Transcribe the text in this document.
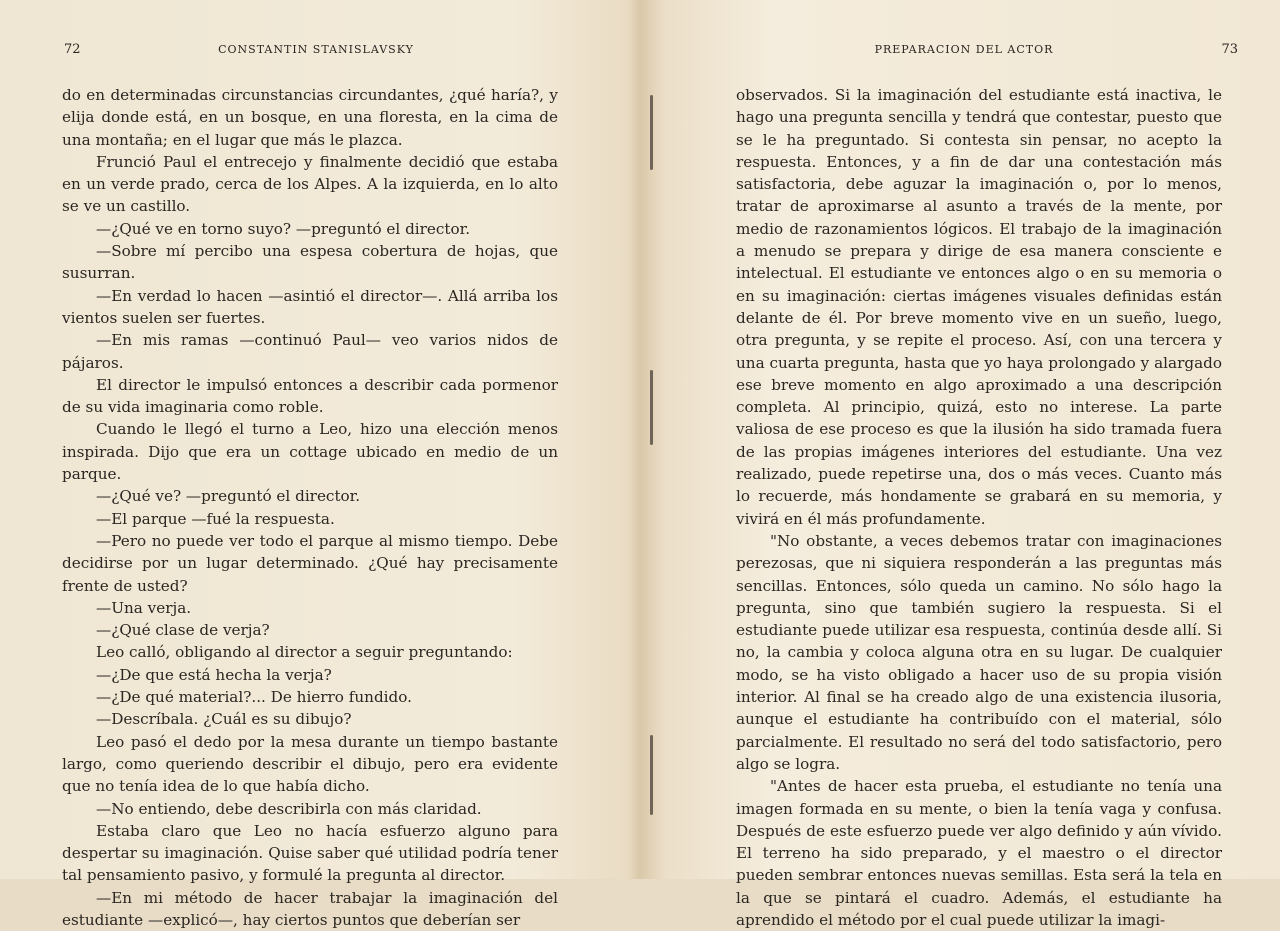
72	CONSTANTIN STANISLAVSKY

do en determinadas circunstancias circundantes, ¿qué haría?, y elija donde está, en un bosque, en una floresta, en la cima de una montaña; en el lugar que más le plazca.

Frunció Paul el entrecejo y finalmente decidió que estaba en un verde prado, cerca de los Alpes. A la izquierda, en lo alto se ve un castillo.

—¿Qué ve en torno suyo? —preguntó el director.

—Sobre mí percibo una espesa cobertura de hojas, que susurran.

—En verdad lo hacen —asintió el director—. Allá arriba los vientos suelen ser fuertes.

—En mis ramas —continuó Paul— veo varios nidos de pájaros.

El director le impulsó entonces a describir cada pormenor de su vida imaginaria como roble.

Cuando le llegó el turno a Leo, hizo una elección menos inspirada. Dijo que era un cottage ubicado en medio de un parque.

—¿Qué ve? —preguntó el director.

—El parque —fué la respuesta.

—Pero no puede ver todo el parque al mismo tiempo. Debe decidirse por un lugar determinado. ¿Qué hay precisamente frente de usted?

—Una verja.

—¿Qué clase de verja?

Leo calló, obligando al director a seguir preguntando:

—¿De que está hecha la verja?

—¿De qué material?... De hierro fundido.

—Descríbala. ¿Cuál es su dibujo?

Leo pasó el dedo por la mesa durante un tiempo bastante largo, como queriendo describir el dibujo, pero era evidente que no tenía idea de lo que había dicho.

—No entiendo, debe describirla con más claridad.

Estaba claro que Leo no hacía esfuerzo alguno para despertar su imaginación. Quise saber qué utilidad podría tener tal pensamiento pasivo, y formulé la pregunta al director.

—En mi método de hacer trabajar la imaginación del estudiante —explicó—, hay ciertos puntos que deberían ser

PREPARACION DEL ACTOR	73

observados. Si la imaginación del estudiante está inactiva, le hago una pregunta sencilla y tendrá que contestar, puesto que se le ha preguntado. Si contesta sin pensar, no acepto la respuesta. Entonces, y a fin de dar una contestación más satisfactoria, debe aguzar la imaginación o, por lo menos, tratar de aproximarse al asunto a través de la mente, por medio de razonamientos lógicos. El trabajo de la imaginación a menudo se prepara y dirige de esa manera consciente e intelectual. El estudiante ve entonces algo o en su memoria o en su imaginación: ciertas imágenes visuales definidas están delante de él. Por breve momento vive en un sueño, luego, otra pregunta, y se repite el proceso. Así, con una tercera y una cuarta pregunta, hasta que yo haya prolongado y alargado ese breve momento en algo aproximado a una descripción completa. Al principio, quizá, esto no interese. La parte valiosa de ese proceso es que la ilusión ha sido tramada fuera de las propias imágenes interiores del estudiante. Una vez realizado, puede repetirse una, dos o más veces. Cuanto más lo recuerde, más hondamente se grabará en su memoria, y vivirá en él más profundamente.

"No obstante, a veces debemos tratar con imaginaciones perezosas, que ni siquiera responderán a las preguntas más sencillas. Entonces, sólo queda un camino. No sólo hago la pregunta, sino que también sugiero la respuesta. Si el estudiante puede utilizar esa respuesta, continúa desde allí. Si no, la cambia y coloca alguna otra en su lugar. De cualquier modo, se ha visto obligado a hacer uso de su propia visión interior. Al final se ha creado algo de una existencia ilusoria, aunque el estudiante ha contribuído con el material, sólo parcialmente. El resultado no será del todo satisfactorio, pero algo se logra.

"Antes de hacer esta prueba, el estudiante no tenía una imagen formada en su mente, o bien la tenía vaga y confusa. Después de este esfuerzo puede ver algo definido y aún vívido. El terreno ha sido preparado, y el maestro o el director pueden sembrar entonces nuevas semillas. Esta será la tela en la que se pintará el cuadro. Además, el estudiante ha aprendido el método por el cual puede utilizar la imagi-
